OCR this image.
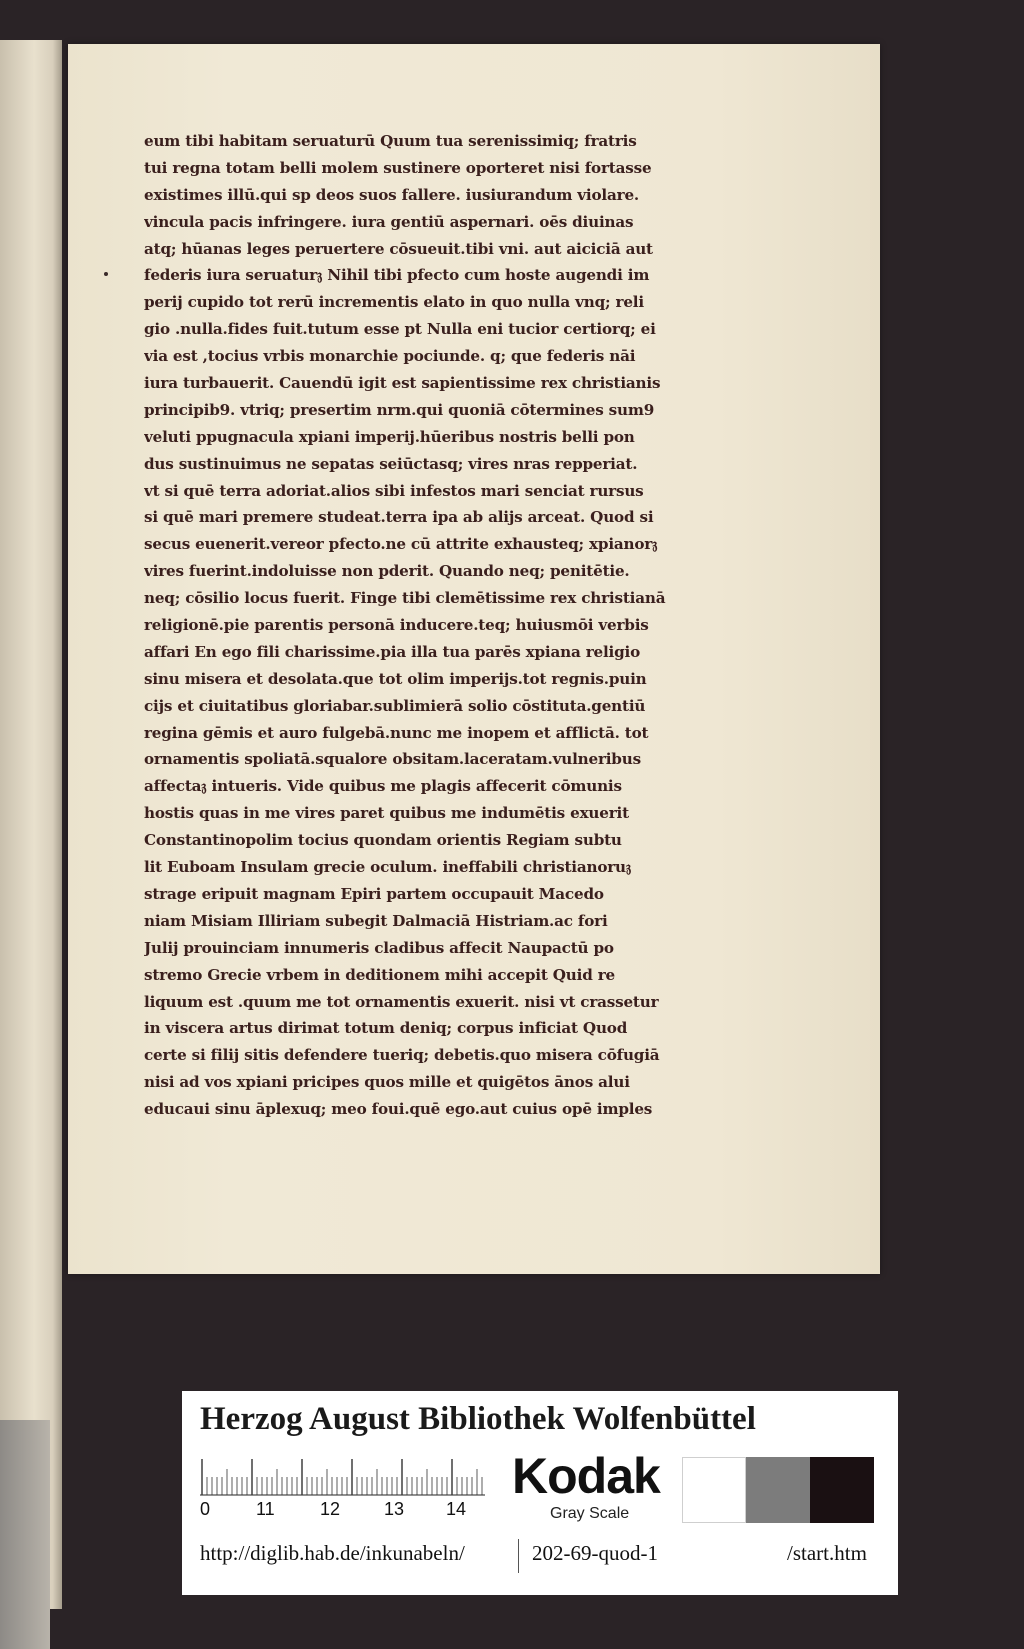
eum tibi habitam seruaturū Quum tua serenissimiq; fratris
tui regna totam belli molem sustinere oporteret nisi fortasse
existimes illū.qui sp deos suos fallere. iusiurandum violare.
vincula pacis infringere. iura gentiū aspernari. oēs diuinas
atq; hūanas leges peruertere cōsueuit.tibi vni. aut aiciciā aut
federis iura seruatur𝔷 Nihil tibi pfecto cum hoste augendi im
perij cupido tot rerū incrementis elato in quo nulla vnq; reli
gio .nulla.fides fuit.tutum esse pt Nulla eni tucior certiorq; ei
via est ,tocius vrbis monarchie pociunde. q; que federis nāi
iura turbauerit. Cauendū igit est sapientissime rex christianis
principib9. vtriq; presertim nrm.qui quoniā cōtermines sum9
veluti ppugnacula xpiani imperij.hūeribus nostris belli pon
dus sustinuimus ne sepatas seiūctasq; vires nras repperiat.
vt si quē terra adoriat.alios sibi infestos mari senciat rursus
si quē mari premere studeat.terra ipa ab alijs arceat. Quod si
secus euenerit.vereor pfecto.ne cū attrite exhausteq; xpianor𝔷
vires fuerint.indoluisse non pderit. Quando neq; penitētie.
neq; cōsilio locus fuerit. Finge tibi clemētissime rex christianā
religionē.pie parentis personā inducere.teq; huiusmōi verbis
affari En ego fili charissime.pia illa tua parēs xpiana religio
sinu misera et desolata.que tot olim imperijs.tot regnis.puin
cijs et ciuitatibus gloriabar.sublimierā solio cōstituta.gentiū
regina gēmis et auro fulgebā.nunc me inopem et afflictā. tot
ornamentis spoliatā.squalore obsitam.laceratam.vulneribus
affecta𝔷 intueris. Vide quibus me plagis affecerit cōmunis
hostis quas in me vires paret quibus me indumētis exuerit
Constantinopolim tocius quondam orientis Regiam subtu
lit Euboam Insulam grecie oculum. ineffabili christianoru𝔷
strage eripuit magnam Epiri partem occupauit Macedo
niam Misiam Illiriam subegit Dalmaciā Histriam.ac fori
Julij prouinciam innumeris cladibus affecit Naupactū po
stremo Grecie vrbem in deditionem mihi accepit Quid re
liquum est .quum me tot ornamentis exuerit. nisi vt crassetur
in viscera artus dirimat totum deniq; corpus inficiat Quod
certe si filij sitis defendere tueriq; debetis.quo misera cōfugiā
nisi ad vos xpiani pricipes quos mille et quigētos ānos alui
educaui sinu āplexuq; meo foui.quē ego.aut cuius opē imples
Herzog August Bibliothek Wolfenbüttel
0	11	12 13 14
Kodak
Gray Scale
http://diglib.hab.de/inkunabeln/	202-69-quod-1	/start.htm
